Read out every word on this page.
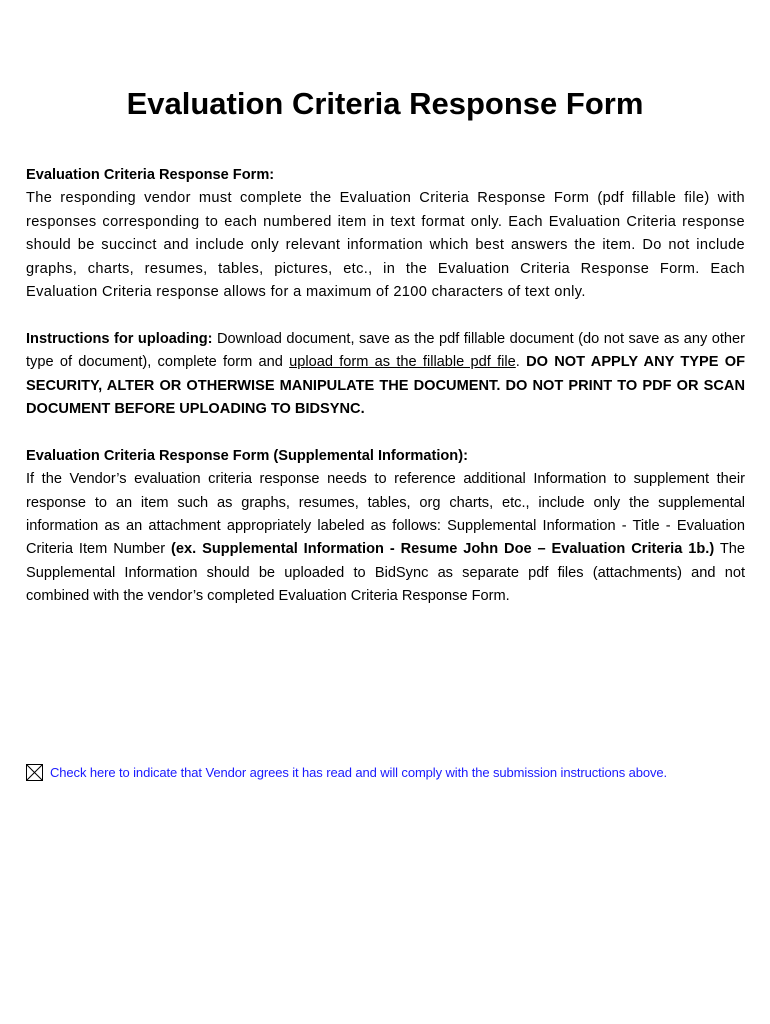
Evaluation Criteria Response Form
Evaluation Criteria Response Form:
The responding vendor must complete the Evaluation Criteria Response Form (pdf fillable file) with responses corresponding to each numbered item in text format only. Each Evaluation Criteria response should be succinct and include only relevant information which best answers the item. Do not include graphs, charts, resumes, tables, pictures, etc., in the Evaluation Criteria Response Form. Each Evaluation Criteria response allows for a maximum of 2100 characters of text only.
Instructions for uploading: Download document, save as the pdf fillable document (do not save as any other type of document), complete form and upload form as the fillable pdf file. DO NOT APPLY ANY TYPE OF SECURITY, ALTER OR OTHERWISE MANIPULATE THE DOCUMENT. DO NOT PRINT TO PDF OR SCAN DOCUMENT BEFORE UPLOADING TO BIDSYNC.
Evaluation Criteria Response Form (Supplemental Information):
If the Vendor’s evaluation criteria response needs to reference additional Information to supplement their response to an item such as graphs, resumes, tables, org charts, etc., include only the supplemental information as an attachment appropriately labeled as follows: Supplemental Information - Title - Evaluation Criteria Item Number (ex. Supplemental Information - Resume John Doe – Evaluation Criteria 1b.) The Supplemental Information should be uploaded to BidSync as separate pdf files (attachments) and not combined with the vendor’s completed Evaluation Criteria Response Form.
Check here to indicate that Vendor agrees it has read and will comply with the submission instructions above.
